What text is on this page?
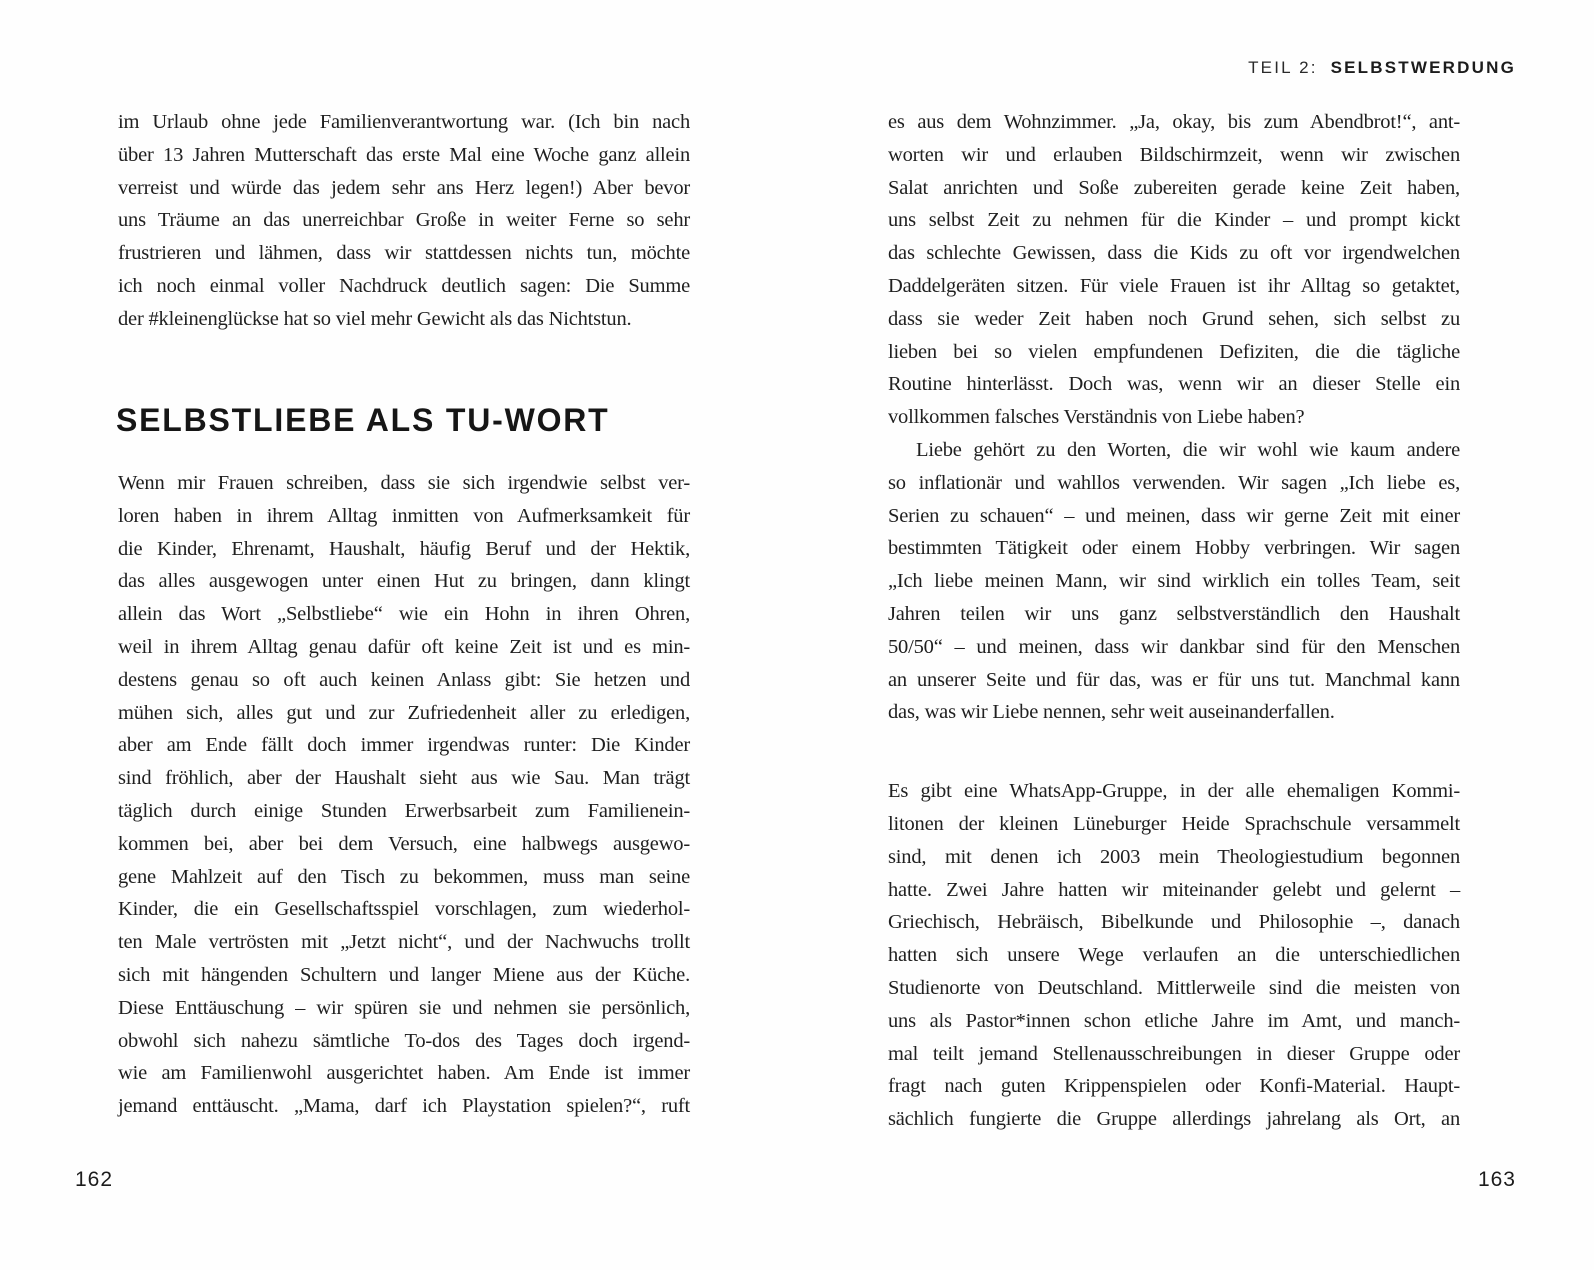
TEIL 2: SELBSTWERDUNG
im Urlaub ohne jede Familienverantwortung war. (Ich bin nach
über 13 Jahren Mutterschaft das erste Mal eine Woche ganz allein
verreist und würde das jedem sehr ans Herz legen!) Aber bevor
uns Träume an das unerreichbar Große in weiter Ferne so sehr
frustrieren und lähmen, dass wir stattdessen nichts tun, möchte
ich noch einmal voller Nachdruck deutlich sagen: Die Summe
der #kleinenglückse hat so viel mehr Gewicht als das Nichtstun.
SELBSTLIEBE ALS TU-WORT
Wenn mir Frauen schreiben, dass sie sich irgendwie selbst ver-
loren haben in ihrem Alltag inmitten von Aufmerksamkeit für
die Kinder, Ehrenamt, Haushalt, häufig Beruf und der Hektik,
das alles ausgewogen unter einen Hut zu bringen, dann klingt
allein das Wort „Selbstliebe“ wie ein Hohn in ihren Ohren,
weil in ihrem Alltag genau dafür oft keine Zeit ist und es min-
destens genau so oft auch keinen Anlass gibt: Sie hetzen und
mühen sich, alles gut und zur Zufriedenheit aller zu erledigen,
aber am Ende fällt doch immer irgendwas runter: Die Kinder
sind fröhlich, aber der Haushalt sieht aus wie Sau. Man trägt
täglich durch einige Stunden Erwerbsarbeit zum Familienein-
kommen bei, aber bei dem Versuch, eine halbwegs ausgewo-
gene Mahlzeit auf den Tisch zu bekommen, muss man seine
Kinder, die ein Gesellschaftsspiel vorschlagen, zum wiederhol-
ten Male vertrösten mit „Jetzt nicht“, und der Nachwuchs trollt
sich mit hängenden Schultern und langer Miene aus der Küche.
Diese Enttäuschung – wir spüren sie und nehmen sie persönlich,
obwohl sich nahezu sämtliche To-dos des Tages doch irgend-
wie am Familienwohl ausgerichtet haben. Am Ende ist immer
jemand enttäuscht. „Mama, darf ich Playstation spielen?“, ruft
es aus dem Wohnzimmer. „Ja, okay, bis zum Abendbrot!“, ant-
worten wir und erlauben Bildschirmzeit, wenn wir zwischen
Salat anrichten und Soße zubereiten gerade keine Zeit haben,
uns selbst Zeit zu nehmen für die Kinder – und prompt kickt
das schlechte Gewissen, dass die Kids zu oft vor irgendwelchen
Daddelgeräten sitzen. Für viele Frauen ist ihr Alltag so getaktet,
dass sie weder Zeit haben noch Grund sehen, sich selbst zu
lieben bei so vielen empfundenen Defiziten, die die tägliche
Routine hinterlässt. Doch was, wenn wir an dieser Stelle ein
vollkommen falsches Verständnis von Liebe haben?
Liebe gehört zu den Worten, die wir wohl wie kaum andere
so inflationär und wahllos verwenden. Wir sagen „Ich liebe es,
Serien zu schauen“ – und meinen, dass wir gerne Zeit mit einer
bestimmten Tätigkeit oder einem Hobby verbringen. Wir sagen
„Ich liebe meinen Mann, wir sind wirklich ein tolles Team, seit
Jahren teilen wir uns ganz selbstverständlich den Haushalt
50/50“ – und meinen, dass wir dankbar sind für den Menschen
an unserer Seite und für das, was er für uns tut. Manchmal kann
das, was wir Liebe nennen, sehr weit auseinanderfallen.
Es gibt eine WhatsApp-Gruppe, in der alle ehemaligen Kommi-
litonen der kleinen Lüneburger Heide Sprachschule versammelt
sind, mit denen ich 2003 mein Theologiestudium begonnen
hatte. Zwei Jahre hatten wir miteinander gelebt und gelernt –
Griechisch, Hebräisch, Bibelkunde und Philosophie –, danach
hatten sich unsere Wege verlaufen an die unterschiedlichen
Studienorte von Deutschland. Mittlerweile sind die meisten von
uns als Pastor*innen schon etliche Jahre im Amt, und manch-
mal teilt jemand Stellenausschreibungen in dieser Gruppe oder
fragt nach guten Krippenspielen oder Konfi-Material. Haupt-
sächlich fungierte die Gruppe allerdings jahrelang als Ort, an
162	163
